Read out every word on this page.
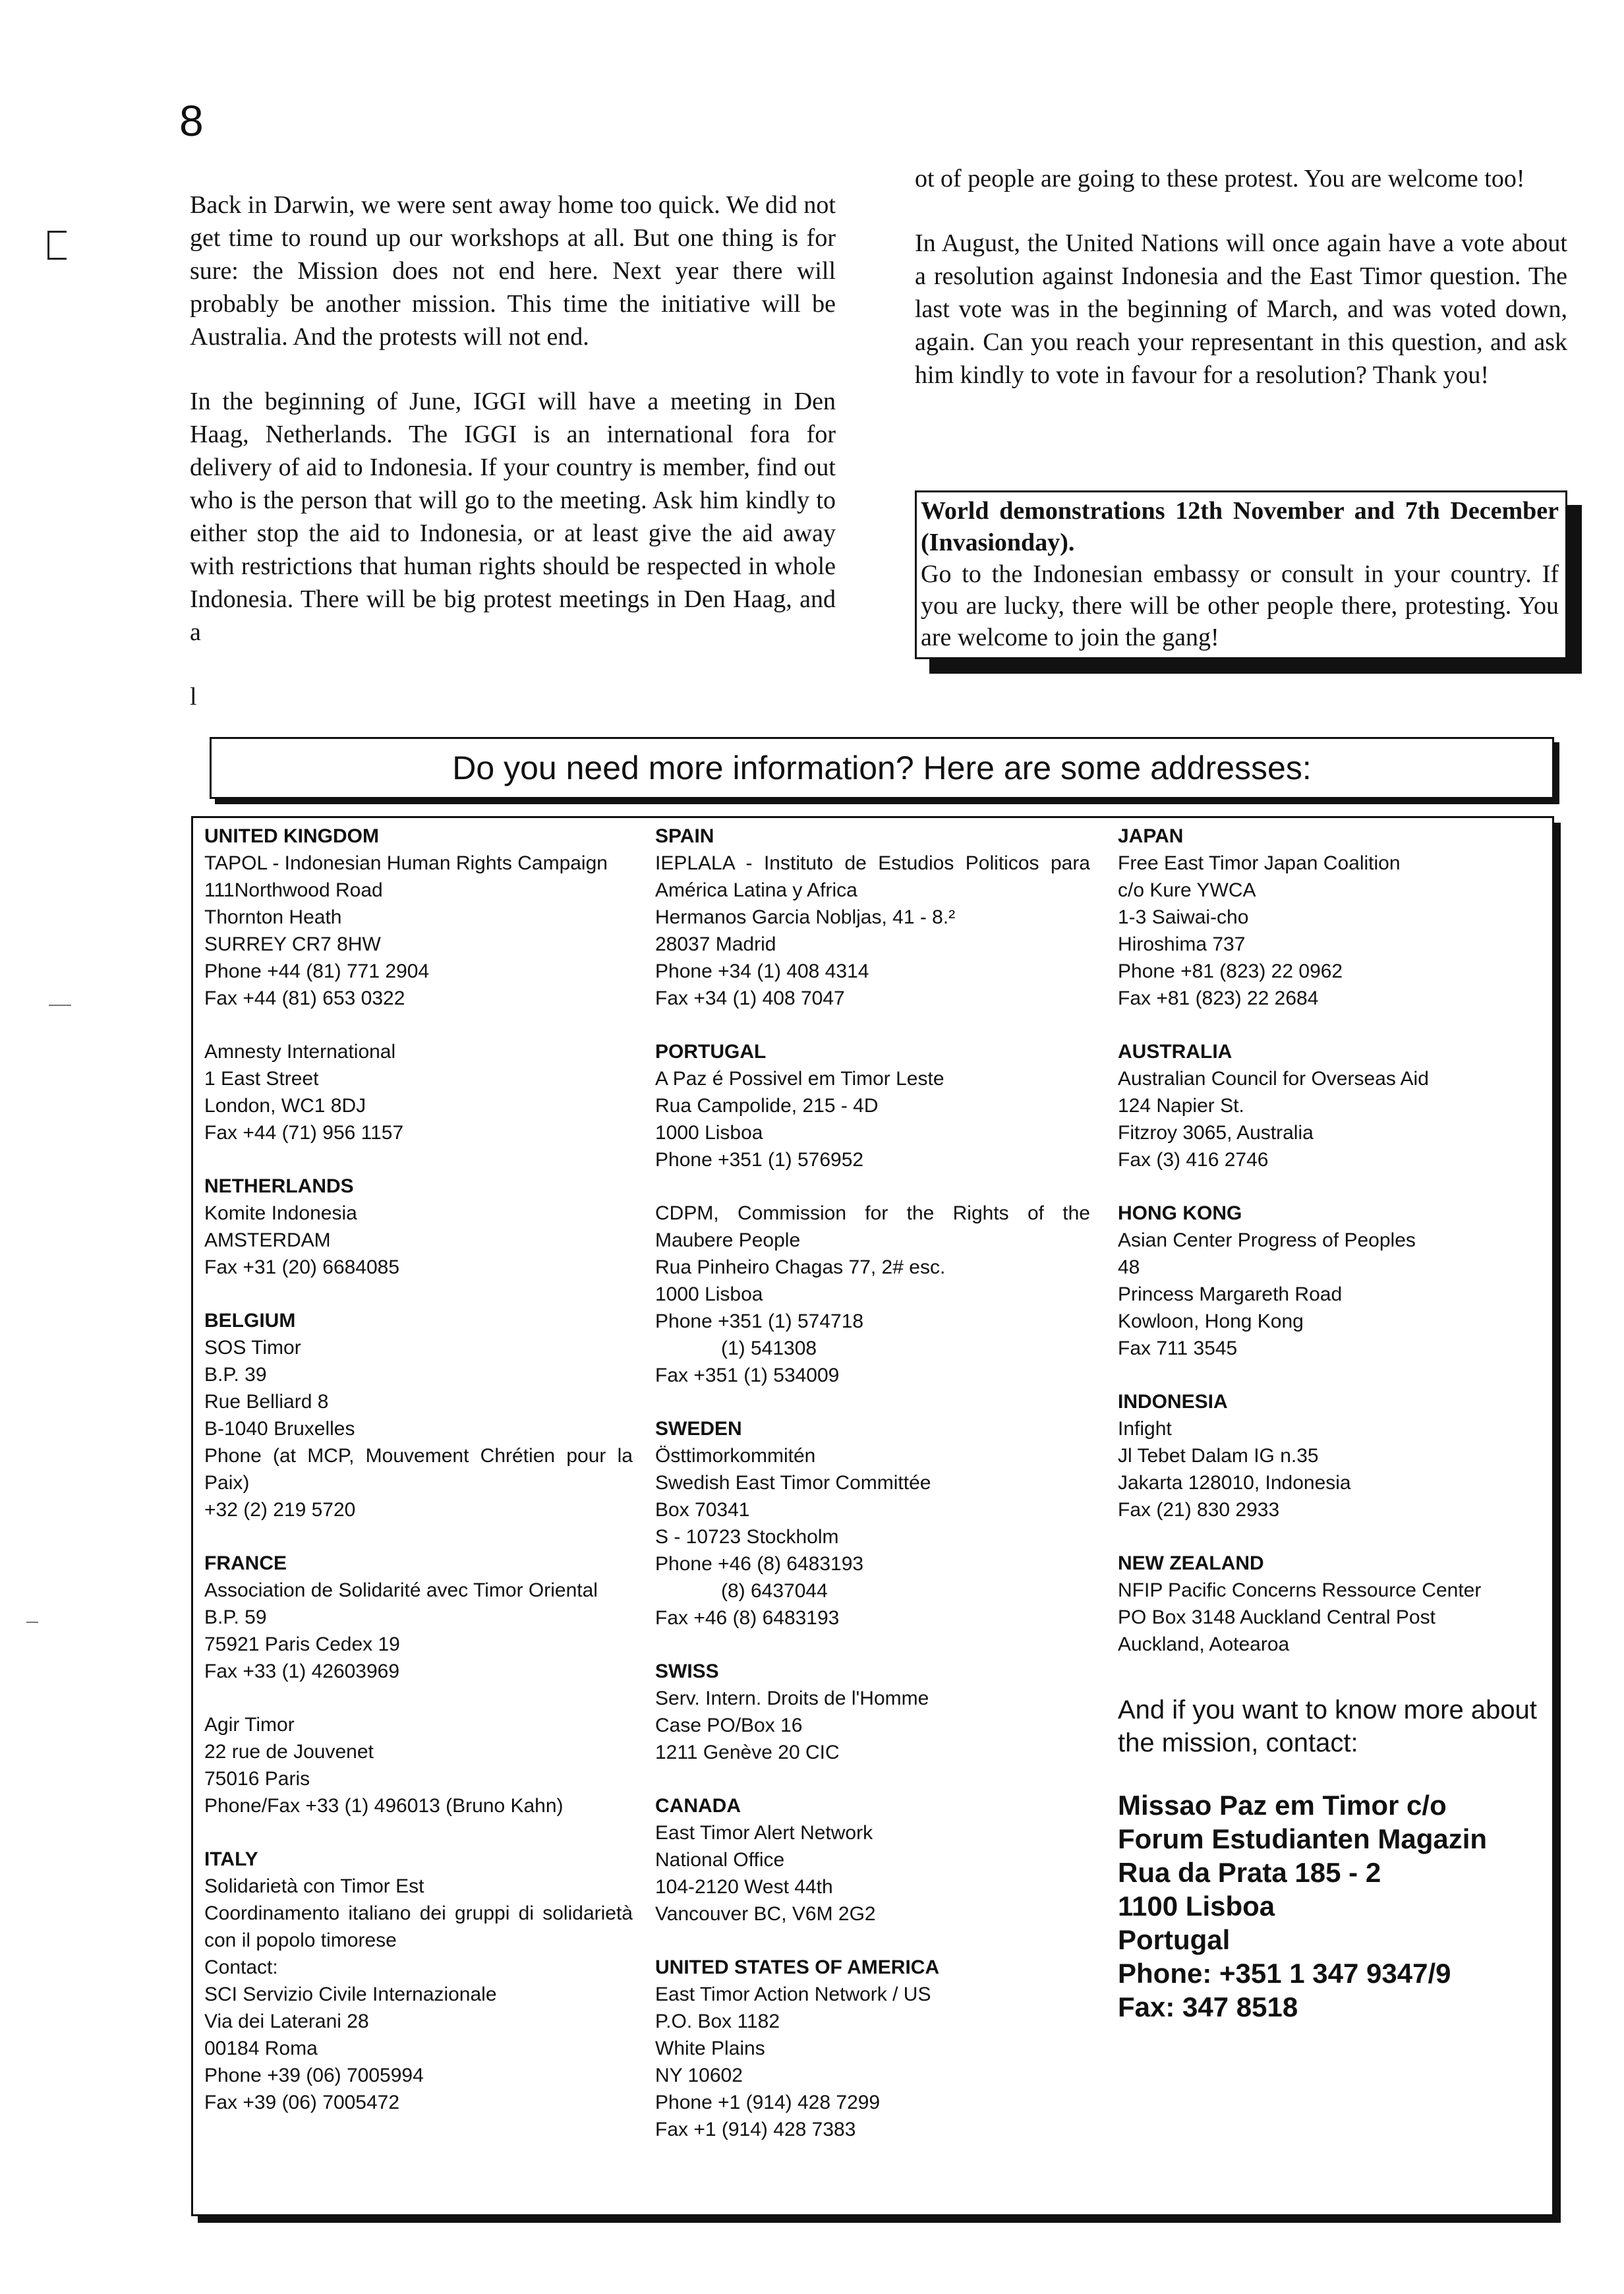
8

Back in Darwin, we were sent away home too quick. We did not get time to round up our workshops at all. But one thing is for sure: the Mission does not end here. Next year there will probably be another mission. This time the initiative will be Australia. And the protests will not end.

In the beginning of June, IGGI will have a meeting in Den Haag, Netherlands. The IGGI is an international fora for delivery of aid to Indonesia. If your country is member, find out who is the person that will go to the meeting. Ask him kindly to either stop the aid to Indonesia, or at least give the aid away with restrictions that human rights should be respected in whole Indonesia. There will be big protest meetings in Den Haag, and a

l

ot of people are going to these protest. You are welcome too!

In August, the United Nations will once again have a vote about a resolution against Indonesia and the East Timor question. The last vote was in the beginning of March, and was voted down, again. Can you reach your representant in this question, and ask him kindly to vote in favour for a resolution? Thank you!

World demonstrations 12th November and 7th December (Invasionday).
Go to the Indonesian embassy or consult in your country. If you are lucky, there will be other people there, protesting. You are welcome to join the gang!
Do you need more information? Here are some addresses:
UNITED KINGDOM
TAPOL - Indonesian Human Rights Campaign
111Northwood Road
Thornton Heath
SURREY CR7 8HW
Phone +44 (81) 771 2904
Fax +44 (81) 653 0322
Amnesty International
1 East Street
London, WC1 8DJ
Fax +44 (71) 956 1157
NETHERLANDS
Komite Indonesia
AMSTERDAM
Fax +31 (20) 6684085
BELGIUM
SOS Timor
B.P. 39
Rue Belliard 8
B-1040 Bruxelles
Phone (at MCP, Mouvement Chrétien pour la Paix)
+32 (2) 219 5720
FRANCE
Association de Solidarité avec Timor Oriental
B.P. 59
75921 Paris Cedex 19
Fax +33 (1) 42603969
Agir Timor
22 rue de Jouvenet
75016 Paris
Phone/Fax +33 (1) 496013 (Bruno Kahn)
ITALY
Solidarietà con Timor Est
Coordinamento italiano dei gruppi di solidarietà con il popolo timorese
Contact:
SCI Servizio Civile Internazionale
Via dei Laterani 28
00184 Roma
Phone +39 (06) 7005994
Fax +39 (06) 7005472
SPAIN
IEPLALA - Instituto de Estudios Politicos para América Latina y Africa
Hermanos Garcia Nobljas, 41 - 8.²
28037 Madrid
Phone +34 (1) 408 4314
Fax +34 (1) 408 7047
PORTUGAL
A Paz é Possivel em Timor Leste
Rua Campolide, 215 - 4D
1000 Lisboa
Phone +351 (1) 576952
CDPM, Commission for the Rights of the Maubere People
Rua Pinheiro Chagas 77, 2# esc.
1000 Lisboa
Phone +351 (1) 574718
(1) 541308
Fax +351 (1) 534009
SWEDEN
Östtimorkommitén
Swedish East Timor Committée
Box 70341
S - 10723 Stockholm
Phone +46 (8) 6483193
(8) 6437044
Fax +46 (8) 6483193
SWISS
Serv. Intern. Droits de l'Homme
Case PO/Box 16
1211 Genève 20 CIC
CANADA
East Timor Alert Network
National Office
104-2120 West 44th
Vancouver BC, V6M 2G2
UNITED STATES OF AMERICA
East Timor Action Network / US
P.O. Box 1182
White Plains
NY 10602
Phone +1 (914) 428 7299
Fax +1 (914) 428 7383
JAPAN
Free East Timor Japan Coalition
c/o Kure YWCA
1-3 Saiwai-cho
Hiroshima 737
Phone +81 (823) 22 0962
Fax +81 (823) 22 2684
AUSTRALIA
Australian Council for Overseas Aid
124 Napier St.
Fitzroy 3065, Australia
Fax (3) 416 2746
HONG KONG
Asian Center Progress of Peoples
48
Princess Margareth Road
Kowloon, Hong Kong
Fax 711 3545
INDONESIA
Infight
Jl Tebet Dalam IG n.35
Jakarta 128010, Indonesia
Fax (21) 830 2933
NEW ZEALAND
NFIP Pacific Concerns Ressource Center
PO Box 3148 Auckland Central Post
Auckland, Aotearoa
And if you want to know more about the mission, contact:
Missao Paz em Timor c/o
Forum Estudianten Magazin
Rua da Prata 185 - 2
1100 Lisboa
Portugal
Phone: +351 1 347 9347/9
Fax: 347 8518
